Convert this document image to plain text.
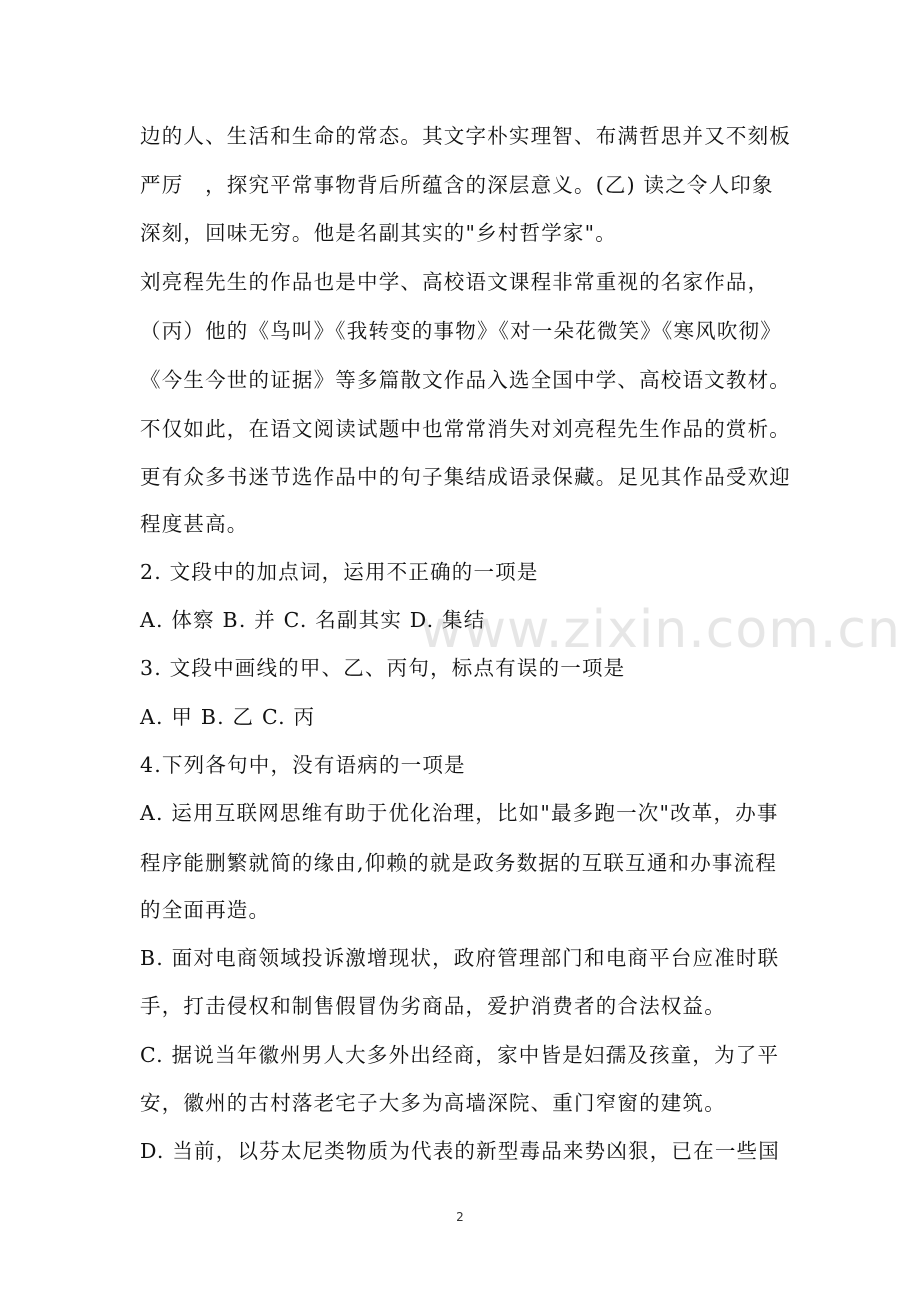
www.zixin.com.cn
边的人、生活和生命的常态。其文字朴实理智、布满哲思并又不刻板
严厉　，探究平常事物背后所蕴含的深层意义。(乙) 读之令人印象
深刻，回味无穷。他是名副其实的"乡村哲学家"。
刘亮程先生的作品也是中学、高校语文课程非常重视的名家作品，
（丙）他的《鸟叫》《我转变的事物》《对一朵花微笑》《寒风吹彻》
《今生今世的证据》等多篇散文作品入选全国中学、高校语文教材。
不仅如此，在语文阅读试题中也常常消失对刘亮程先生作品的赏析。
更有众多书迷节选作品中的句子集结成语录保藏。足见其作品受欢迎
程度甚高。
2. 文段中的加点词，运用不正确的一项是
A. 体察 B. 并 C. 名副其实 D. 集结
3. 文段中画线的甲、乙、丙句，标点有误的一项是
A. 甲 B. 乙 C. 丙
4.下列各句中，没有语病的一项是
A. 运用互联网思维有助于优化治理，比如"最多跑一次"改革，办事
程序能删繁就简的缘由,仰赖的就是政务数据的互联互通和办事流程
的全面再造。
B. 面对电商领域投诉激增现状，政府管理部门和电商平台应准时联
手，打击侵权和制售假冒伪劣商品，爱护消费者的合法权益。
C. 据说当年徽州男人大多外出经商，家中皆是妇孺及孩童，为了平
安，徽州的古村落老宅子大多为高墙深院、重门窄窗的建筑。
D. 当前，以芬太尼类物质为代表的新型毒品来势凶狠，已在一些国
2
